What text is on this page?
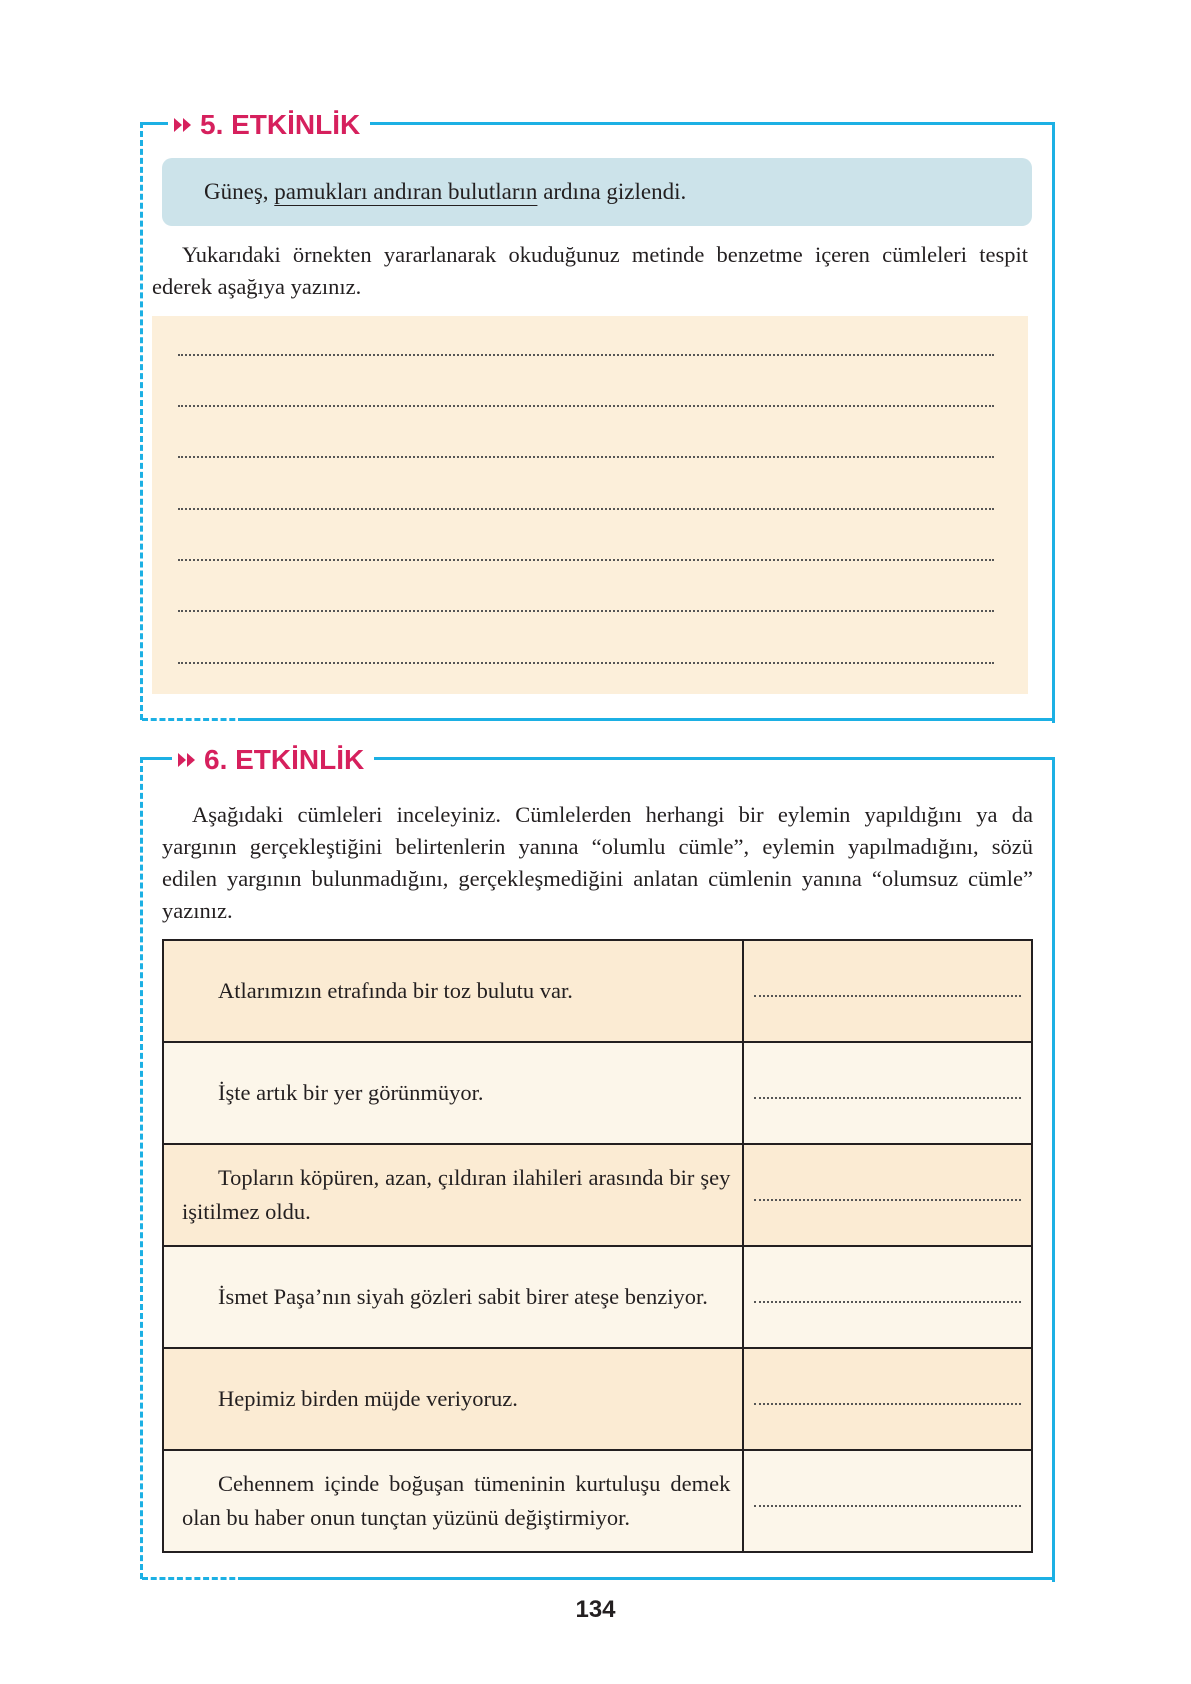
5. ETKİNLİK
Güneş, pamukları andıran bulutların ardına gizlendi.
Yukarıdaki örnekten yararlanarak okuduğunuz metinde benzetme içeren cümleleri tespit ederek aşağıya yazınız.
6. ETKİNLİK
Aşağıdaki cümleleri inceleyiniz. Cümlelerden herhangi bir eylemin yapıldığını ya da yargının gerçekleştiğini belirtenlerin yanına “olumlu cümle”, eylemin yapılmadığını, sözü edilen yargının bulunmadığını, gerçekleşmediğini anlatan cümlenin yanına “olumsuz cümle” yazınız.
Atlarımızın etrafında bir toz bulutu var.	

İşte artık bir yer görünmüyor.	

Topların köpüren, azan, çıldıran ilahileri arasında bir şey işitilmez oldu.	

İsmet Paşa’nın siyah gözleri sabit birer ateşe benziyor.	

Hepimiz birden müjde veriyoruz.	

Cehennem içinde boğuşan tümeninin kurtuluşu demek olan bu haber onun tunçtan yüzünü değiştirmiyor.	
134
